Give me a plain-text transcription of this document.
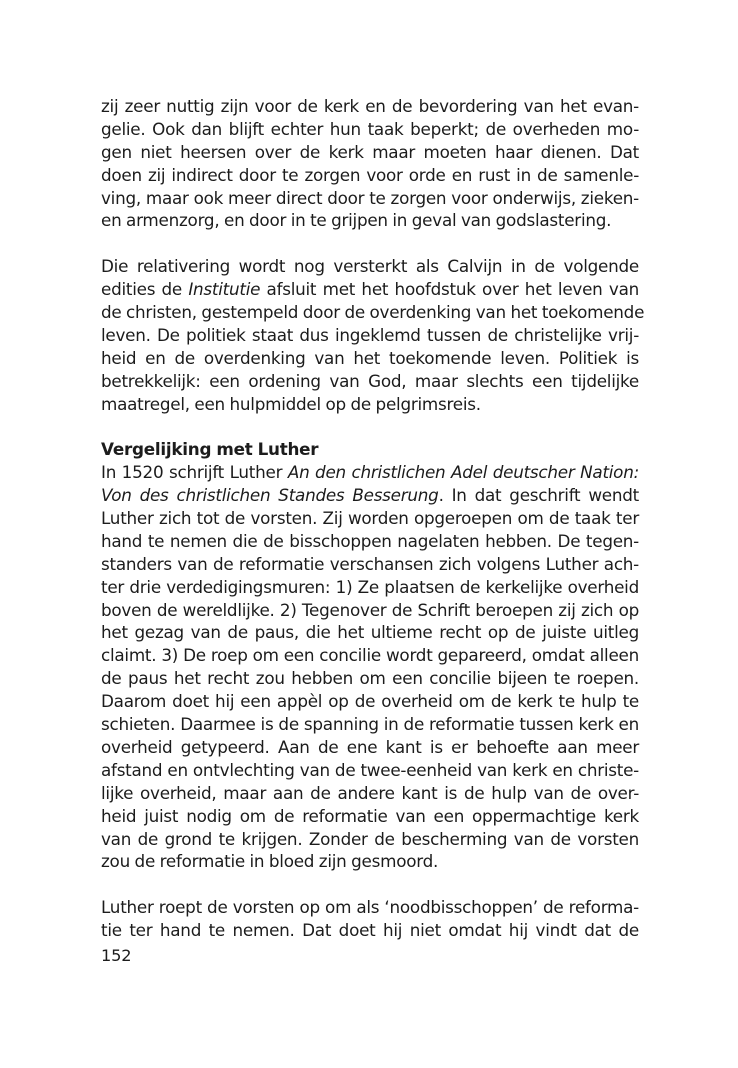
zij zeer nuttig zijn voor de kerk en de bevordering van het evan-
gelie. Ook dan blijft echter hun taak beperkt; de overheden mo-
gen niet heersen over de kerk maar moeten haar dienen. Dat
doen zij indirect door te zorgen voor orde en rust in de samenle-
ving, maar ook meer direct door te zorgen voor onderwijs, zieken-
en armenzorg, en door in te grijpen in geval van godslastering.
Die relativering wordt nog versterkt als Calvijn in de volgende
edities de Institutie afsluit met het hoofdstuk over het leven van
de christen, gestempeld door de overdenking van het toekomende
leven. De politiek staat dus ingeklemd tussen de christelijke vrij-
heid en de overdenking van het toekomende leven. Politiek is
betrekkelijk: een ordening van God, maar slechts een tijdelijke
maatregel, een hulpmiddel op de pelgrimsreis.
Vergelijking met Luther
In 1520 schrijft Luther An den christlichen Adel deutscher Nation:
Von des christlichen Standes Besserung. In dat geschrift wendt
Luther zich tot de vorsten. Zij worden opgeroepen om de taak ter
hand te nemen die de bisschoppen nagelaten hebben. De tegen-
standers van de reformatie verschansen zich volgens Luther ach-
ter drie verdedigingsmuren: 1) Ze plaatsen de kerkelijke overheid
boven de wereldlijke. 2) Tegenover de Schrift beroepen zij zich op
het gezag van de paus, die het ultieme recht op de juiste uitleg
claimt. 3) De roep om een concilie wordt gepareerd, omdat alleen
de paus het recht zou hebben om een concilie bijeen te roepen.
Daarom doet hij een appèl op de overheid om de kerk te hulp te
schieten. Daarmee is de spanning in de reformatie tussen kerk en
overheid getypeerd. Aan de ene kant is er behoefte aan meer
afstand en ontvlechting van de twee-eenheid van kerk en christe-
lijke overheid, maar aan de andere kant is de hulp van de over-
heid juist nodig om de reformatie van een oppermachtige kerk
van de grond te krijgen. Zonder de bescherming van de vorsten
zou de reformatie in bloed zijn gesmoord.
Luther roept de vorsten op om als ‘noodbisschoppen’ de reforma-
tie ter hand te nemen. Dat doet hij niet omdat hij vindt dat de
152
